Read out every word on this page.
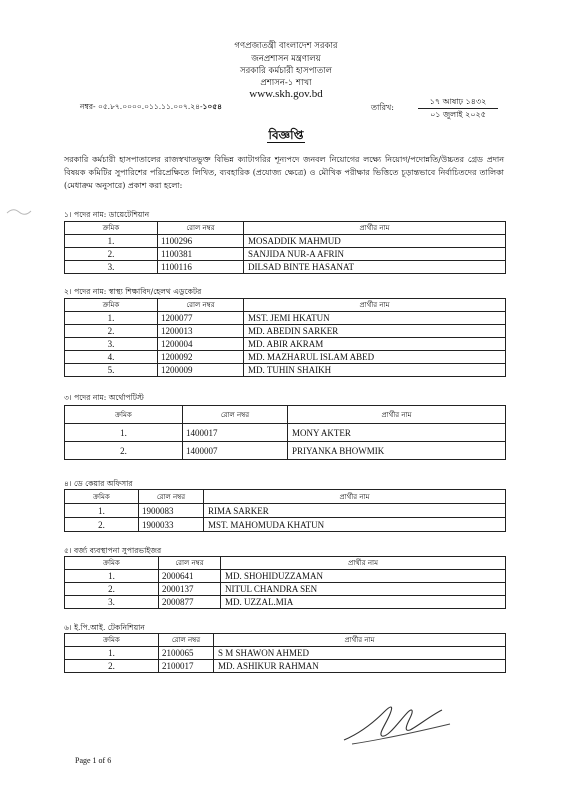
গণপ্রজাতন্ত্রী বাংলাদেশ সরকার
জনপ্রশাসন মন্ত্রণালয়
সরকারি কর্মচারী হাসপাতাল
প্রশাসন-১ শাখা
www.skh.gov.bd
নম্বর- ০৫.৮৭.০০০০.০১১.১১.০০৭.২৪-১০৫৪	তারিখ:
১৭ আষাঢ় ১৪৩২
০১ জুলাই ২০২৫
বিজ্ঞপ্তি
সরকারি কর্মচারী হাসপাতালের রাজস্বখাতভুক্ত বিভিন্ন ক্যাটাগরির শূন্যপদে জনবল নিয়োগের লক্ষ্যে নিয়োগ/পদোন্নতি/উচ্চতর গ্রেড প্রদান বিষয়ক কমিটির সুপারিশের পরিপ্রেক্ষিতে লিখিত, ব্যবহারিক (প্রযোজ্য ক্ষেত্রে) ও মৌখিক পরীক্ষার ভিত্তিতে চূড়ান্তভাবে নির্বাচিতদের তালিকা (মেধাক্রম অনুসারে) প্রকাশ করা হলো:
১। পদের নাম: ডায়েটেশিয়ান
ক্রমিক	রোল নম্বর	প্রার্থীর নাম
1.	1100296	MOSADDIK MAHMUD
2.	1100381	SANJIDA NUR-A AFRIN
3.	1100116	DILSAD BINTE HASANAT
২। পদের নাম: স্বাস্থ্য শিক্ষাবিদ/হেলথ এডুকেটর
ক্রমিক	রোল নম্বর	প্রার্থীর নাম
1.	1200077	MST. JEMI HKATUN
2.	1200013	MD. ABEDIN SARKER
3.	1200004	MD. ABIR AKRAM
4.	1200092	MD. MAZHARUL ISLAM ABED
5.	1200009	MD. TUHIN SHAIKH
৩। পদের নাম: অর্থোপটিস্ট
ক্রমিক	রোল নম্বর	প্রার্থীর নাম
1.	1400017	MONY AKTER
2.	1400007	PRIYANKA BHOWMIK
৪। ডে কেয়ার অফিসার
ক্রমিক	রোল নম্বর	প্রার্থীর নাম
1.	1900083	RIMA SARKER
2.	1900033	MST. MAHOMUDA KHATUN
৫। বর্জ্য ব্যবস্থাপনা সুপারভাইজর
ক্রমিক	রোল নম্বর	প্রার্থীর নাম
1.	2000641	MD. SHOHIDUZZAMAN
2.	2000137	NITUL CHANDRA SEN
3.	2000877	MD. UZZAL.MIA
৬। ই.পি.আই. টেকনিশিয়ান
ক্রমিক	রোল নম্বর	প্রার্থীর নাম
1.	2100065	S M SHAWON AHMED
2.	2100017	MD. ASHIKUR RAHMAN
Page 1 of 6
